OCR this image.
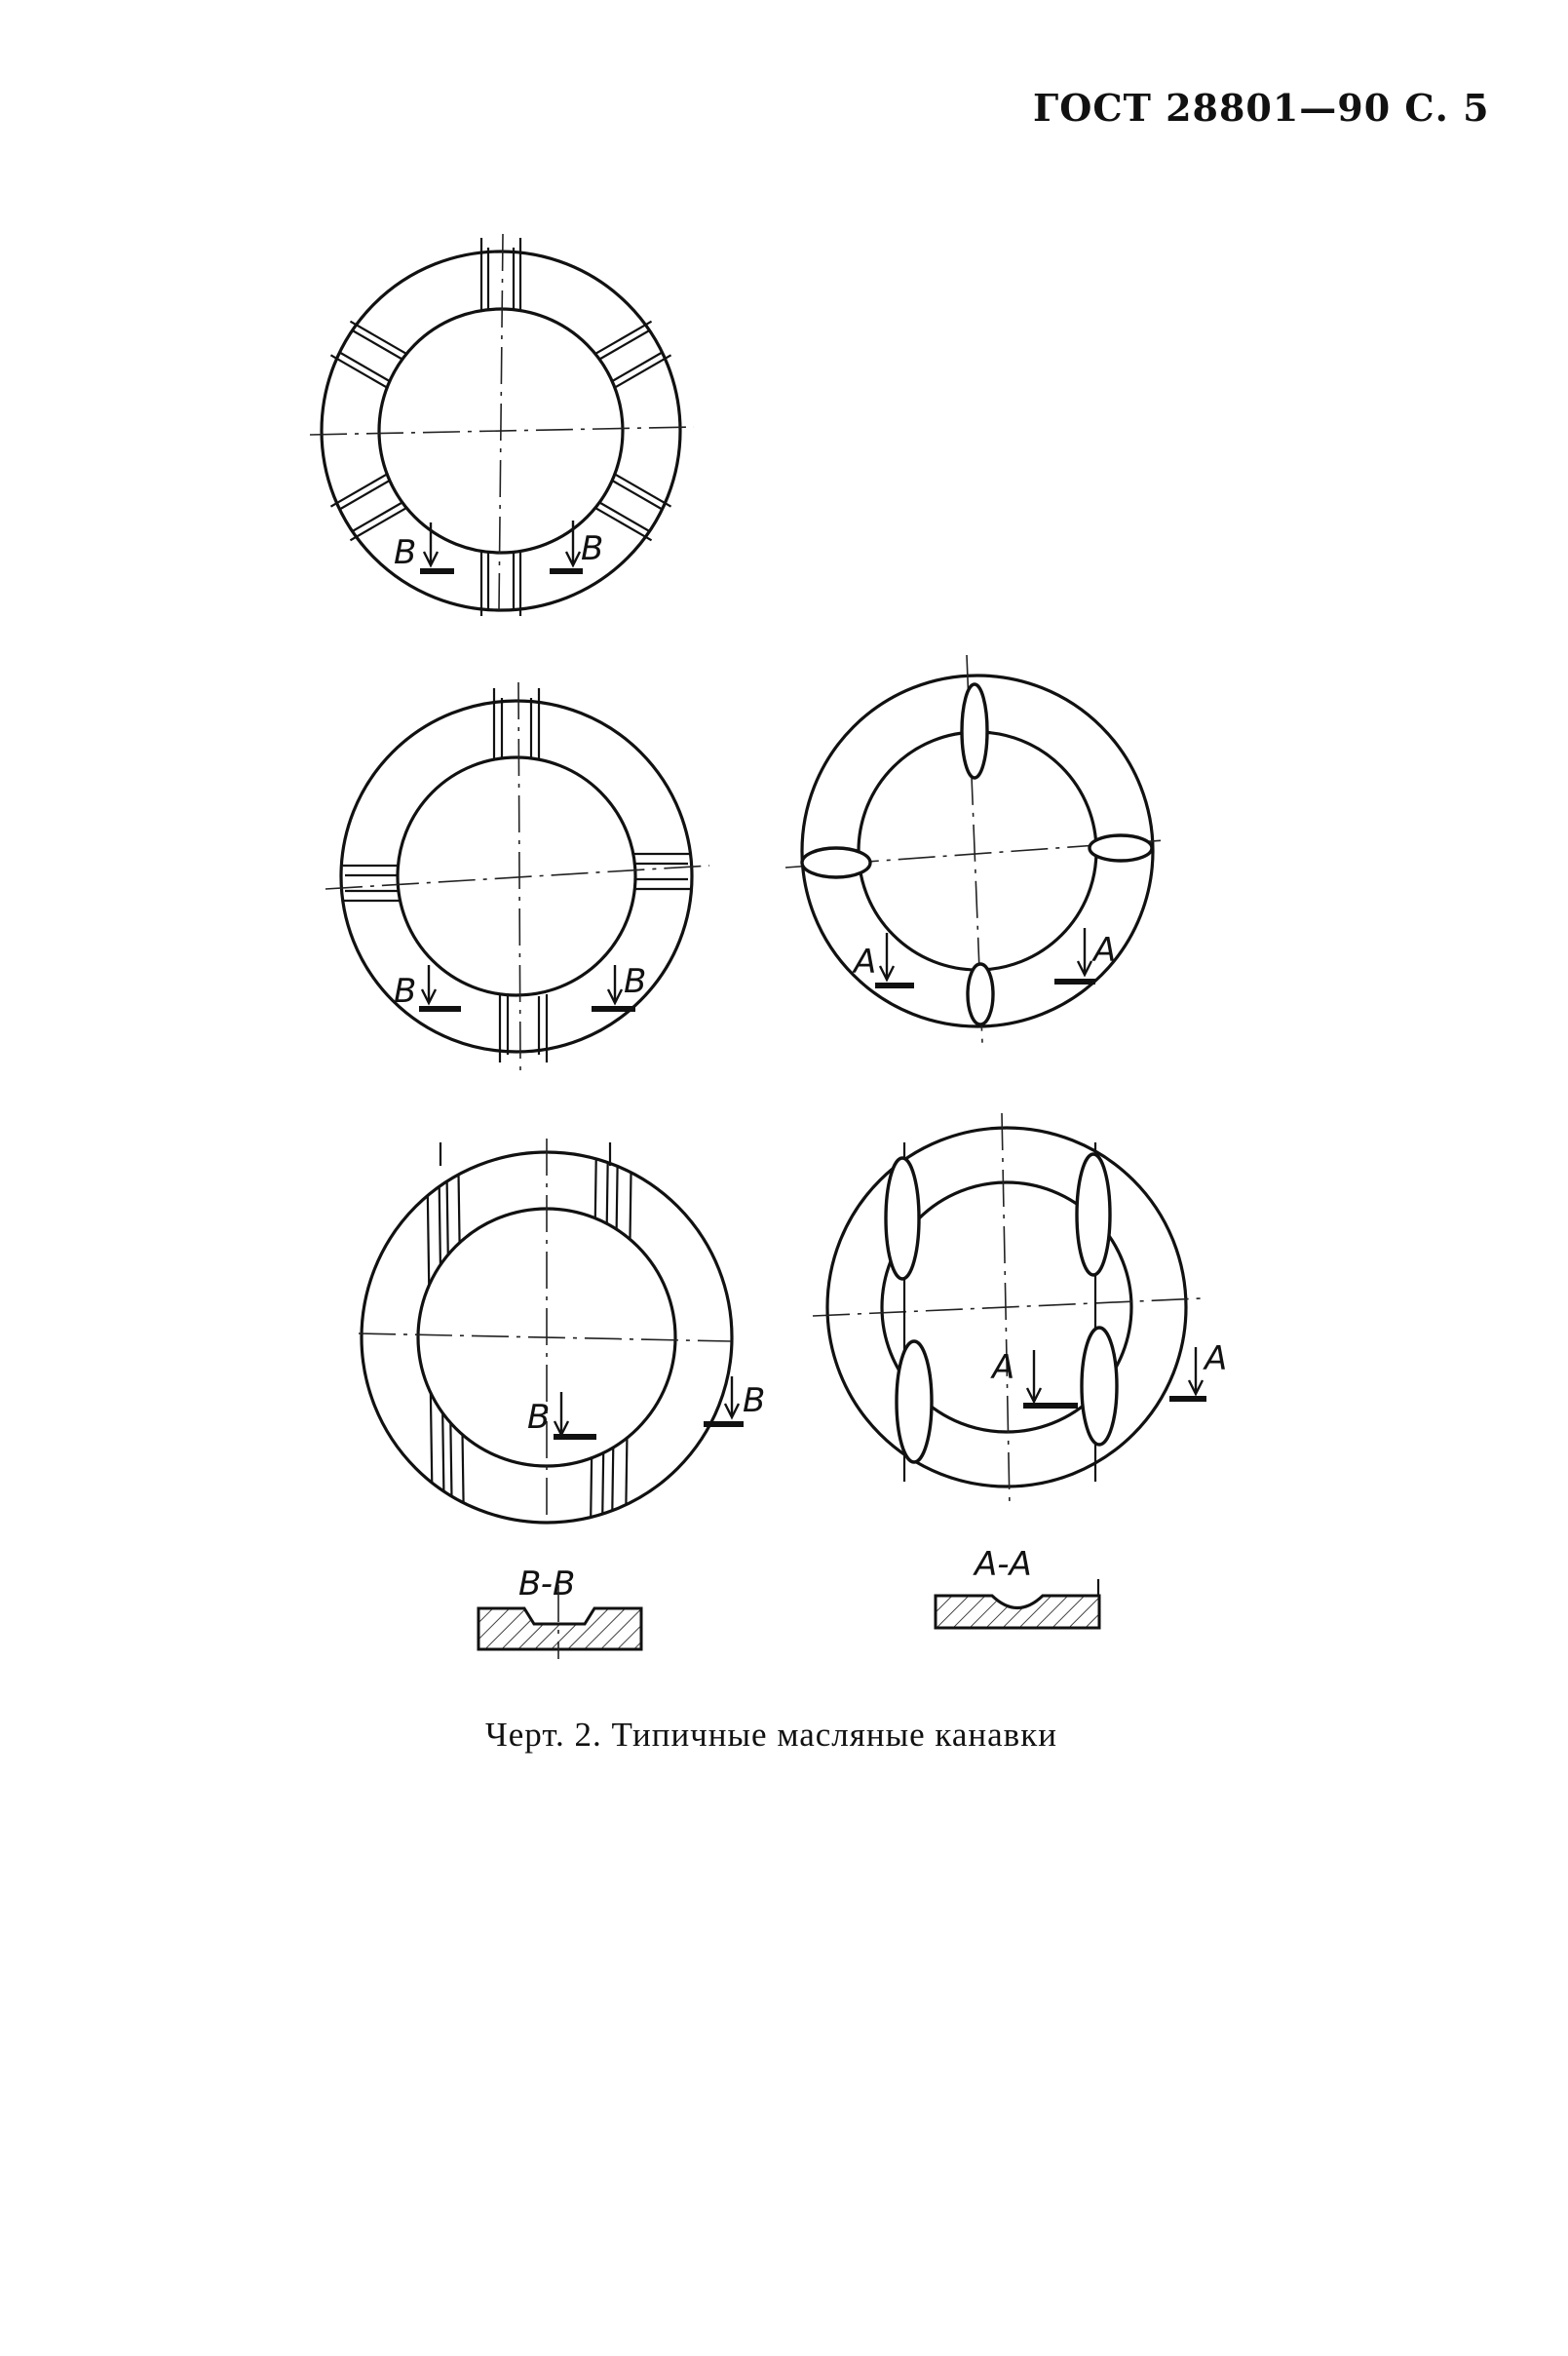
ГОСТ 28801—90 С. 5
B	B
B	B	A	A
B	B
A	A
B-B	A-A
Черт. 2. Типичные масляные канавки
